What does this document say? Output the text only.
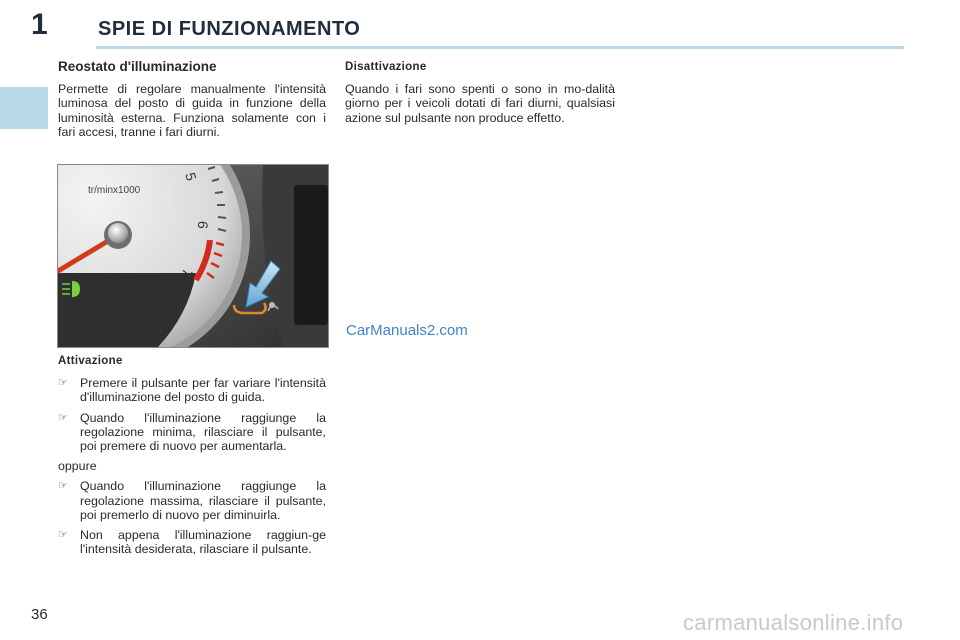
1	SPIE DI FUNZIONAMENTO
Reostato d'illuminazione

Permette di regolare manualmente l'intensità luminosa del posto di guida in funzione della luminosità esterna. Funziona solamente con i fari accesi, tranne i fari diurni.

tr/minx1000
5
6
7
CarManuals2.com
Attivazione
☞ Premere il pulsante per far variare l'intensità d'illuminazione del posto di guida.
☞ Quando l'illuminazione raggiunge la regolazione minima, rilasciare il pulsante, poi premere di nuovo per aumentarla.
oppure
☞ Quando l'illuminazione raggiunge la regolazione massima, rilasciare il pulsante, poi premerlo di nuovo per diminuirla.
☞ Non appena l'illuminazione raggiun-ge l'intensità desiderata, rilasciare il pulsante.
Disattivazione

Quando i fari sono spenti o sono in mo-dalità giorno per i veicoli dotati di fari diurni, qualsiasi azione sul pulsante non produce effetto.

36	carmanualsonline.info
